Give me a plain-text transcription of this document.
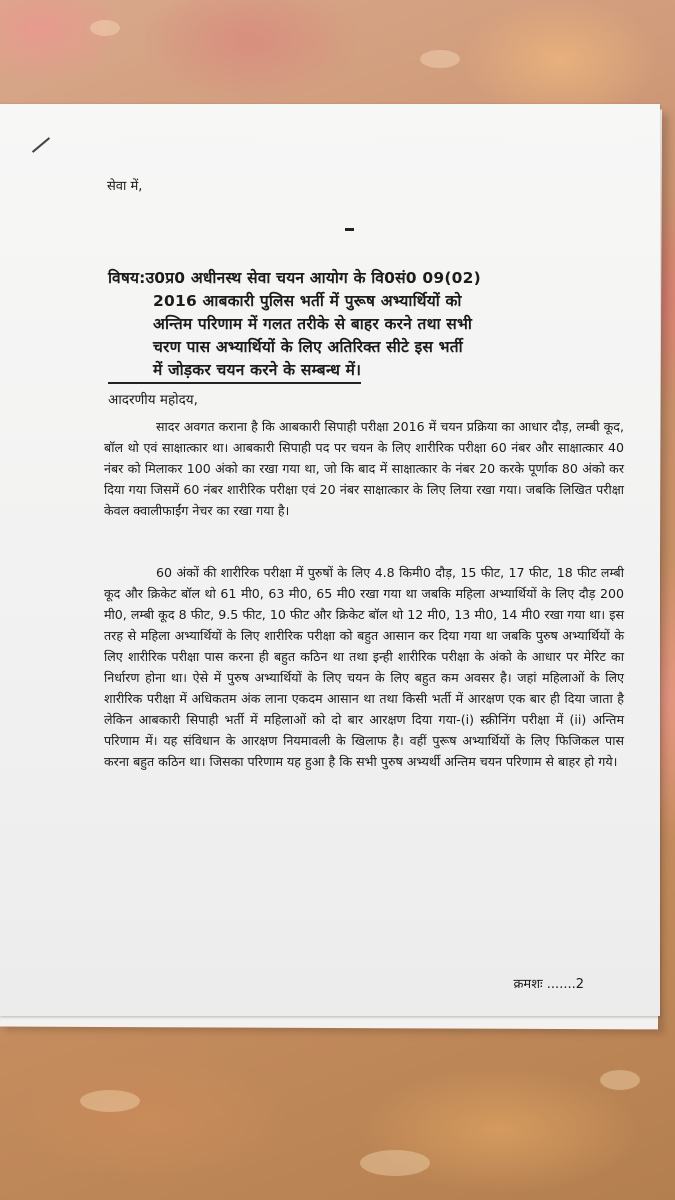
सेवा में,
विषय:उ0प्र0 अधीनस्थ सेवा चयन आयोग के वि0सं0 09(02)
2016 आबकारी पुलिस भर्ती में पुरूष अभ्यार्थियों को
अन्तिम परिणाम में गलत तरीके से बाहर करने तथा सभी
चरण पास अभ्यार्थियों के लिए अतिरिक्त सीटे इस भर्ती
में जोड़कर चयन करने के सम्बन्ध में।
आदरणीय महोदय,
सादर अवगत कराना है कि आबकारी सिपाही परीक्षा 2016 में चयन प्रक्रिया का आधार दौड़, लम्बी कूद, बॉल थो एवं साक्षात्कार था। आबकारी सिपाही पद पर चयन के लिए शारीरिक परीक्षा 60 नंबर और साक्षात्कार 40 नंबर को मिलाकर 100 अंको का रखा गया था, जो कि बाद में साक्षात्कार के नंबर 20 करके पूर्णाक 80 अंको कर दिया गया जिसमें 60 नंबर शारीरिक परीक्षा एवं 20 नंबर साक्षात्कार के लिए लिया रखा गया। जबकि लिखित परीक्षा केवल क्वालीफाईंग नेचर का रखा गया है।
60 अंकों की शारीरिक परीक्षा में पुरुषों के लिए 4.8 किमी0 दौड़, 15 फीट, 17 फीट, 18 फीट लम्बी कूद और क्रिकेट बॉल थो 61 मी0, 63 मी0, 65 मी0 रखा गया था जबकि महिला अभ्यार्थियों के लिए दौड़ 200 मी0, लम्बी कूद 8 फीट, 9.5 फीट, 10 फीट और क्रिकेट बॉल थो 12 मी0, 13 मी0, 14 मी0 रखा गया था। इस तरह से महिला अभ्यार्थियों के लिए शारीरिक परीक्षा को बहुत आसान कर दिया गया था जबकि पुरुष अभ्यार्थियों के लिए शारीरिक परीक्षा पास करना ही बहुत कठिन था तथा इन्ही शारीरिक परीक्षा के अंको के आधार पर मेरिट का निर्धारण होना था। ऐसे में पुरुष अभ्यार्थियों के लिए चयन के लिए बहुत कम अवसर है। जहां महिलाओं के लिए शारीरिक परीक्षा में अधिकतम अंक लाना एकदम आसान था तथा किसी भर्ती में आरक्षण एक बार ही दिया जाता है लेकिन आबकारी सिपाही भर्ती में महिलाओं को दो बार आरक्षण दिया गया-(i) स्क्रीनिंग परीक्षा में (ii) अन्तिम परिणाम में। यह संविधान के आरक्षण नियमावली के खिलाफ है। वहीं पुरूष अभ्यार्थियों के लिए फिजिकल पास करना बहुत कठिन था। जिसका परिणाम यह हुआ है कि सभी पुरुष अभ्यर्थी अन्तिम चयन परिणाम से बाहर हो गये।
क्रमशः .......2
